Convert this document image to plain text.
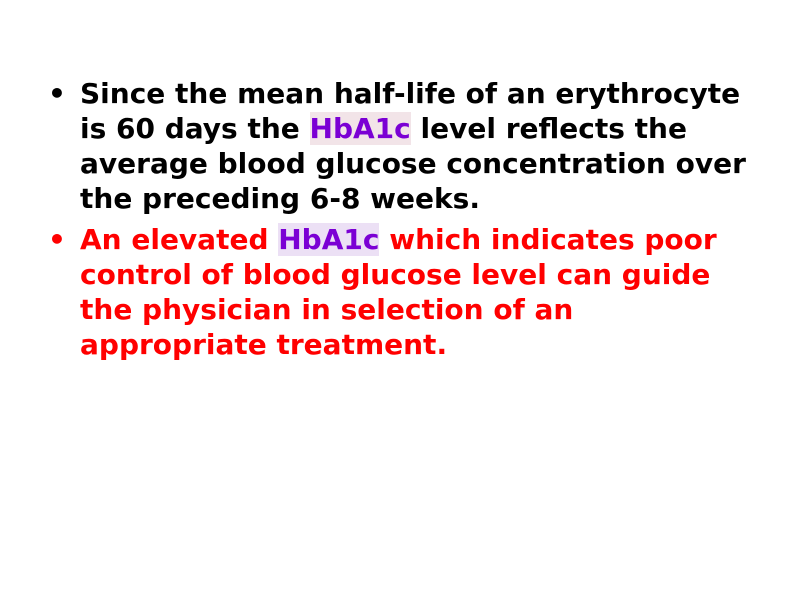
• Since the mean half-life of an erythrocyte is 60 days the HbA1c level reflects the average blood glucose concentration over the preceding 6-8 weeks.
• An elevated HbA1c which indicates poor control of blood glucose level can guide the physician in selection of an appropriate treatment.
